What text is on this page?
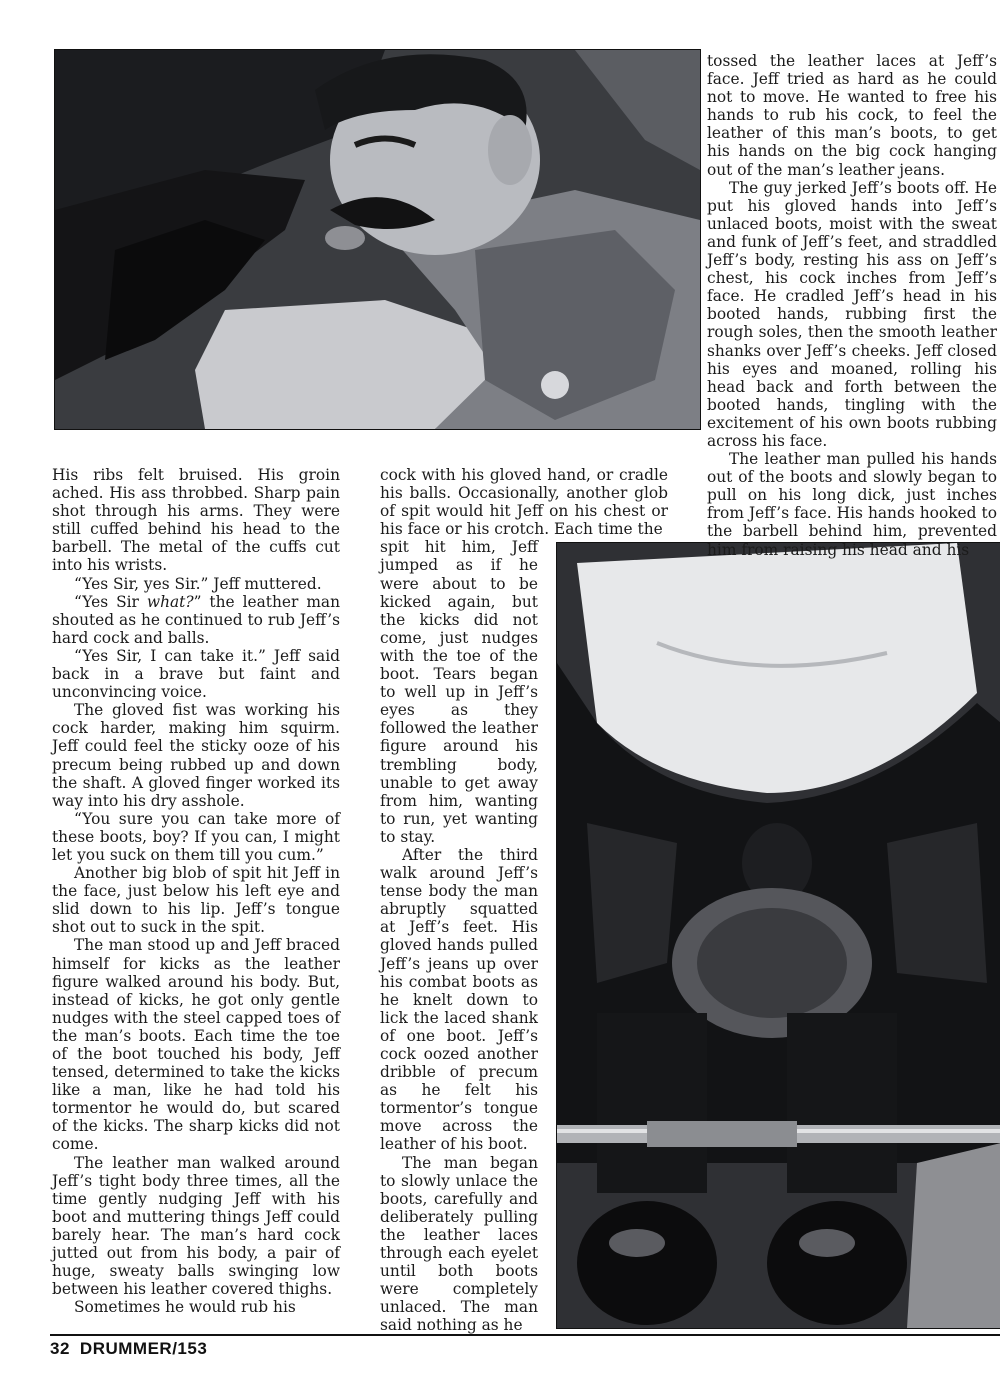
His ribs felt bruised. His groin ached. His ass throbbed. Sharp pain shot through his arms. They were still cuffed behind his head to the barbell. The metal of the cuffs cut into his wrists.

“Yes Sir, yes Sir.” Jeff muttered.

“Yes Sir what?” the leather man shouted as he continued to rub Jeff’s hard cock and balls.

“Yes Sir, I can take it.” Jeff said back in a brave but faint and unconvincing voice.

The gloved fist was working his cock harder, making him squirm. Jeff could feel the sticky ooze of his precum being rubbed up and down the shaft. A gloved finger worked its way into his dry asshole.

“You sure you can take more of these boots, boy? If you can, I might let you suck on them till you cum.”

Another big blob of spit hit Jeff in the face, just below his left eye and slid down to his lip. Jeff’s tongue shot out to suck in the spit.

The man stood up and Jeff braced himself for kicks as the leather figure walked around his body. But, instead of kicks, he got only gentle nudges with the steel capped toes of the man’s boots. Each time the toe of the boot touched his body, Jeff tensed, determined to take the kicks like a man, like he had told his tormentor he would do, but scared of the kicks. The sharp kicks did not come.

The leather man walked around Jeff’s tight body three times, all the time gently nudging Jeff with his boot and muttering things Jeff could barely hear. The man’s hard cock jutted out from his body, a pair of huge, sweaty balls swinging low between his leather covered thighs.

Sometimes he would rub his

cock with his gloved hand, or cradle his balls. Occasionally, another glob of spit would hit Jeff on his chest or his face or his crotch. Each time the

spit hit him, Jeff jumped as if he were about to be kicked again, but the kicks did not come, just nudges with the toe of the boot. Tears began to well up in Jeff’s eyes as they followed the leather figure around his trembling body, unable to get away from him, wanting to run, yet wanting to stay.

After the third walk around Jeff’s tense body the man abruptly squatted at Jeff’s feet. His gloved hands pulled Jeff’s jeans up over his combat boots as he knelt down to lick the laced shank of one boot. Jeff’s cock oozed another dribble of precum as he felt his tormentor’s tongue move across the leather of his boot.

The man began to slowly unlace the boots, carefully and deliberately pulling the leather laces through each eyelet until both boots were completely unlaced. The man said nothing as he

tossed the leather laces at Jeff’s face. Jeff tried as hard as he could not to move. He wanted to free his hands to rub his cock, to feel the leather of this man’s boots, to get his hands on the big cock hanging out of the man’s leather jeans.

The guy jerked Jeff’s boots off. He put his gloved hands into Jeff’s unlaced boots, moist with the sweat and funk of Jeff’s feet, and straddled Jeff’s body, resting his ass on Jeff’s chest, his cock inches from Jeff’s face. He cradled Jeff’s head in his booted hands, rubbing first the rough soles, then the smooth leather shanks over Jeff’s cheeks. Jeff closed his eyes and moaned, rolling his head back and forth between the booted hands, tingling with the excitement of his own boots rubbing across his face.

The leather man pulled his hands out of the boots and slowly began to pull on his long dick, just inches from Jeff’s face. His hands hooked to the barbell behind him, prevented him from raising his head and his

32 DRUMMER/153
